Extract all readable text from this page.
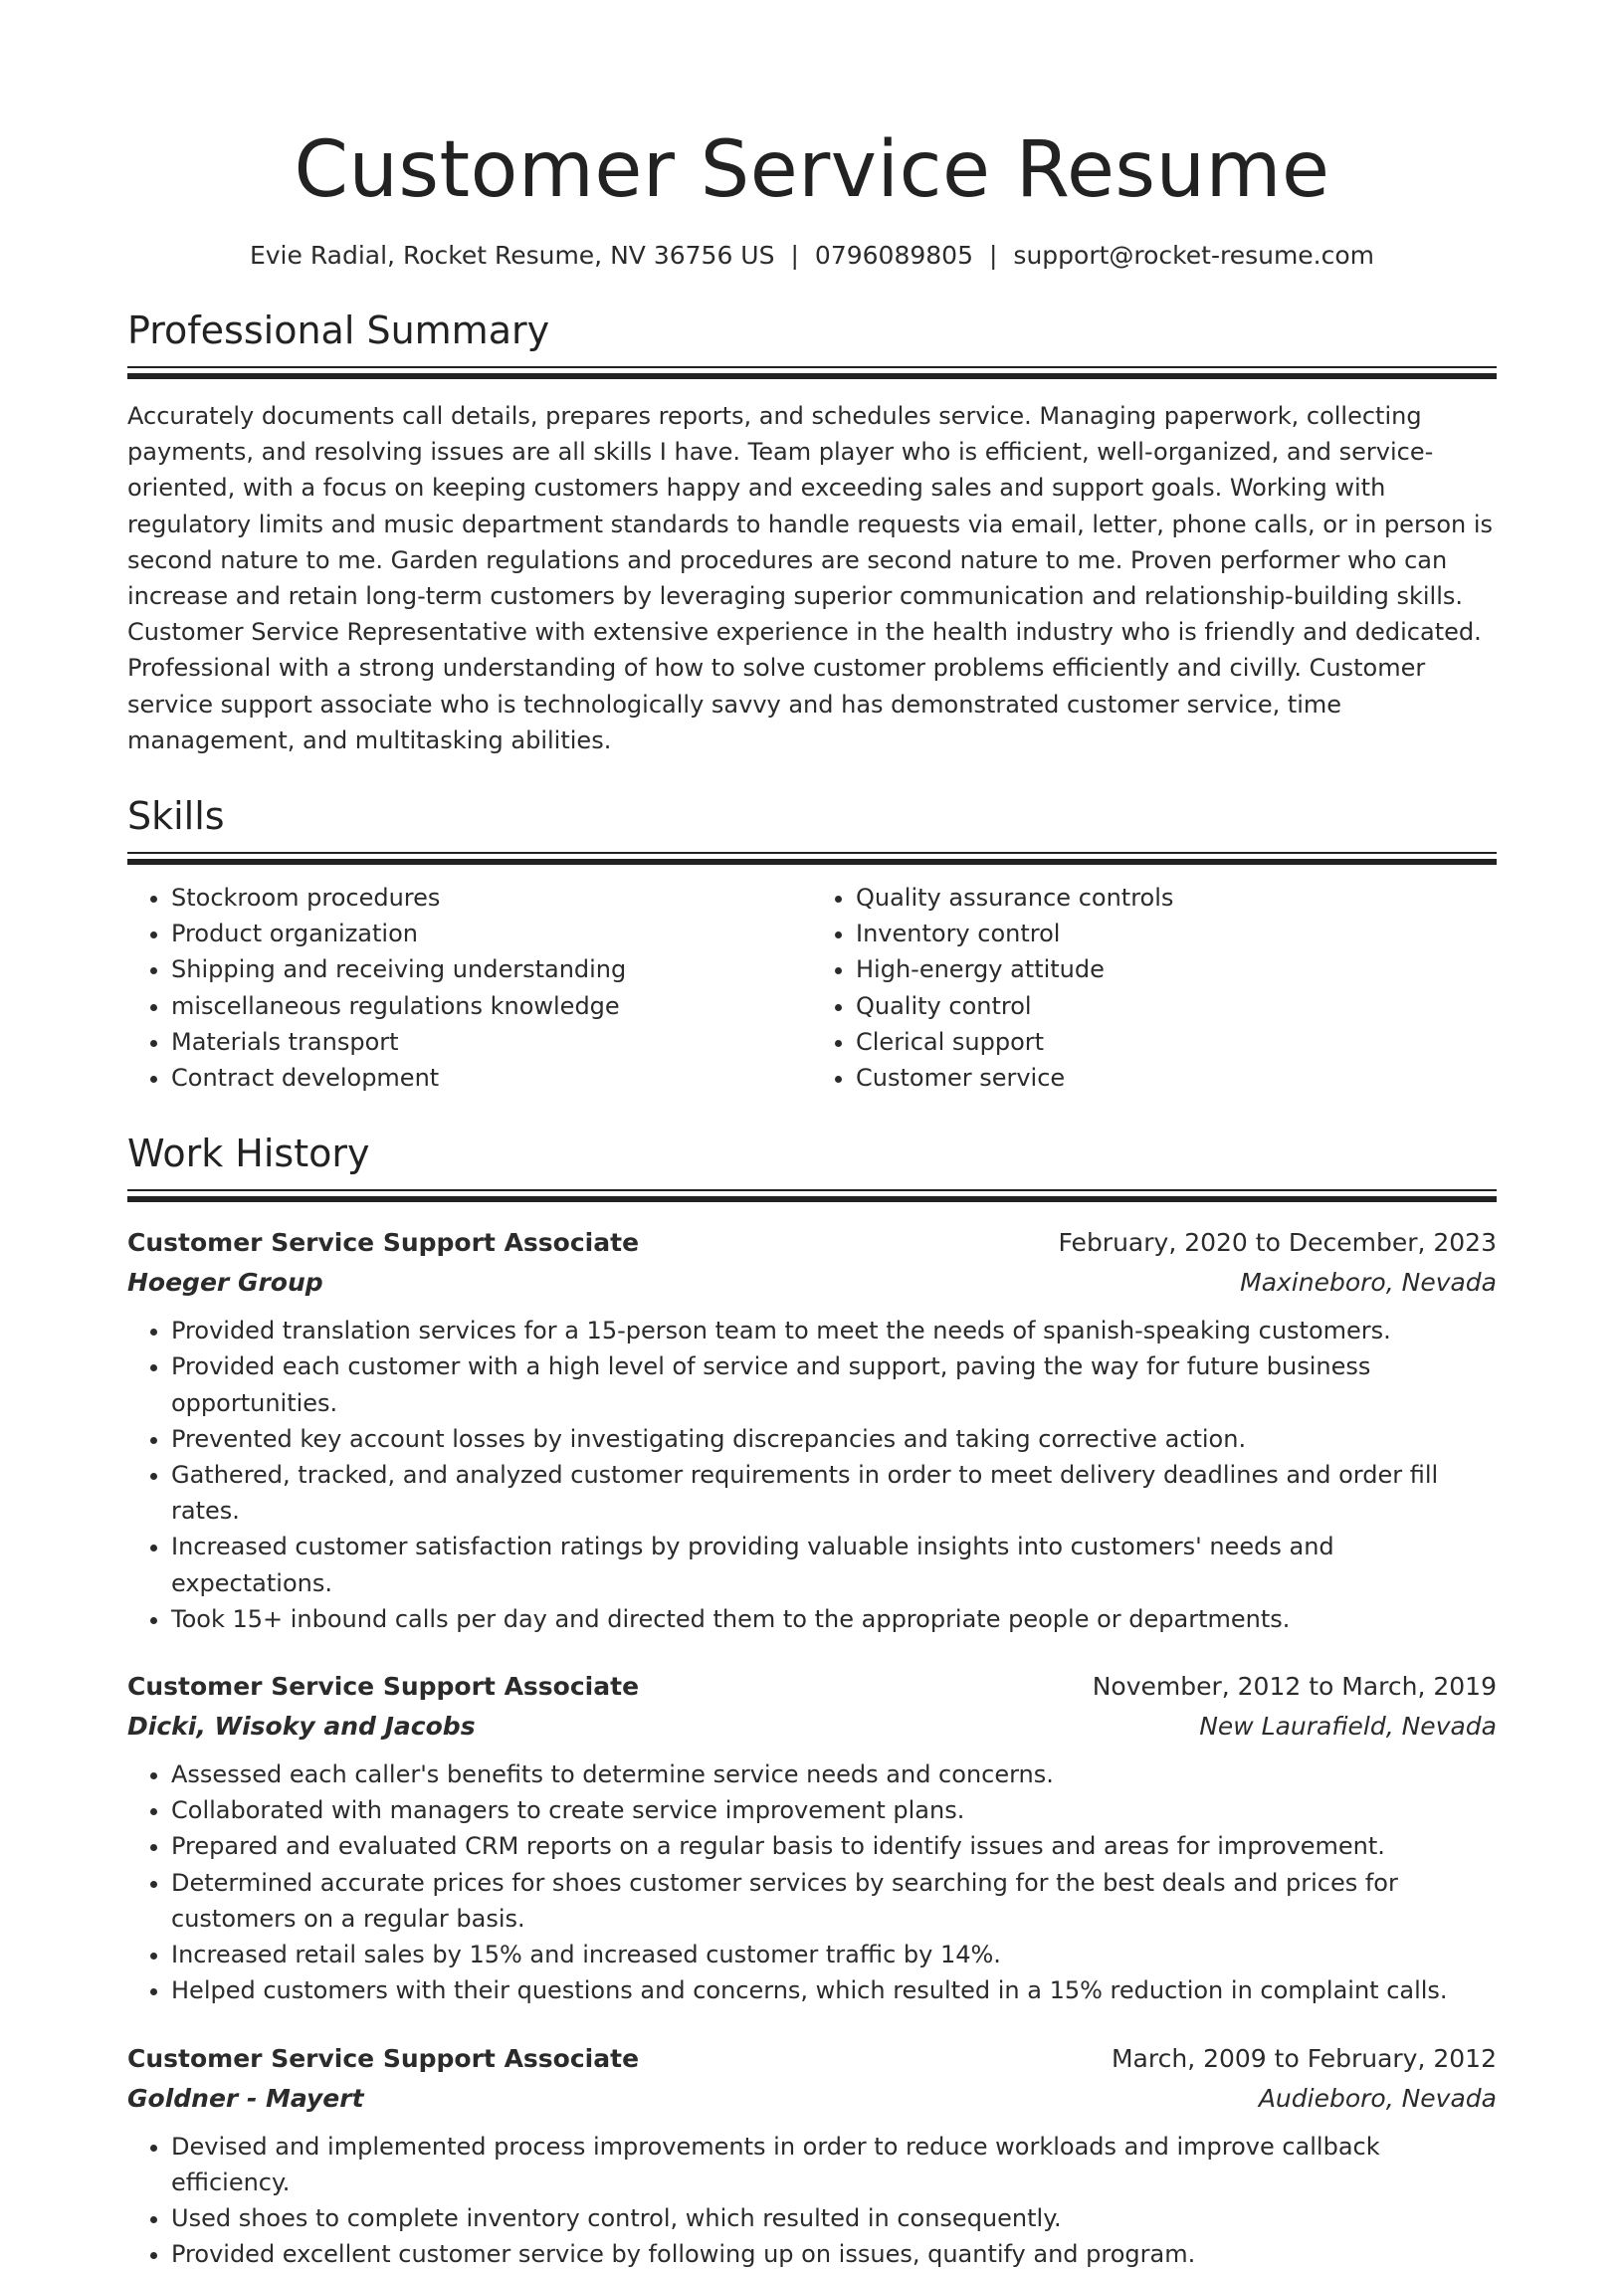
Customer Service Resume
Evie Radial, Rocket Resume, NV 36756 US | 0796089805 | support@rocket-resume.com
Professional Summary
Accurately documents call details, prepares reports, and schedules service. Managing paperwork, collecting payments, and resolving issues are all skills I have. Team player who is efficient, well-organized, and service-oriented, with a focus on keeping customers happy and exceeding sales and support goals. Working with regulatory limits and music department standards to handle requests via email, letter, phone calls, or in person is second nature to me. Garden regulations and procedures are second nature to me. Proven performer who can increase and retain long-term customers by leveraging superior communication and relationship-building skills. Customer Service Representative with extensive experience in the health industry who is friendly and dedicated. Professional with a strong understanding of how to solve customer problems efficiently and civilly. Customer service support associate who is technologically savvy and has demonstrated customer service, time management, and multitasking abilities.
Skills
• Stockroom procedures
• Product organization
• Shipping and receiving understanding
• miscellaneous regulations knowledge
• Materials transport
• Contract development
• Quality assurance controls
• Inventory control
• High-energy attitude
• Quality control
• Clerical support
• Customer service
Work History
Customer Service Support Associate	February, 2020 to December, 2023
Hoeger Group	Maxineboro, Nevada
• Provided translation services for a 15-person team to meet the needs of spanish-speaking customers.
• Provided each customer with a high level of service and support, paving the way for future business opportunities.
• Prevented key account losses by investigating discrepancies and taking corrective action.
• Gathered, tracked, and analyzed customer requirements in order to meet delivery deadlines and order fill rates.
• Increased customer satisfaction ratings by providing valuable insights into customers' needs and expectations.
• Took 15+ inbound calls per day and directed them to the appropriate people or departments.
Customer Service Support Associate	November, 2012 to March, 2019
Dicki, Wisoky and Jacobs	New Laurafield, Nevada
• Assessed each caller's benefits to determine service needs and concerns.
• Collaborated with managers to create service improvement plans.
• Prepared and evaluated CRM reports on a regular basis to identify issues and areas for improvement.
• Determined accurate prices for shoes customer services by searching for the best deals and prices for customers on a regular basis.
• Increased retail sales by 15% and increased customer traffic by 14%.
• Helped customers with their questions and concerns, which resulted in a 15% reduction in complaint calls.
Customer Service Support Associate	March, 2009 to February, 2012
Goldner - Mayert	Audieboro, Nevada
• Devised and implemented process improvements in order to reduce workloads and improve callback efficiency.
• Used shoes to complete inventory control, which resulted in consequently.
• Provided excellent customer service by following up on issues, quantify and program.
